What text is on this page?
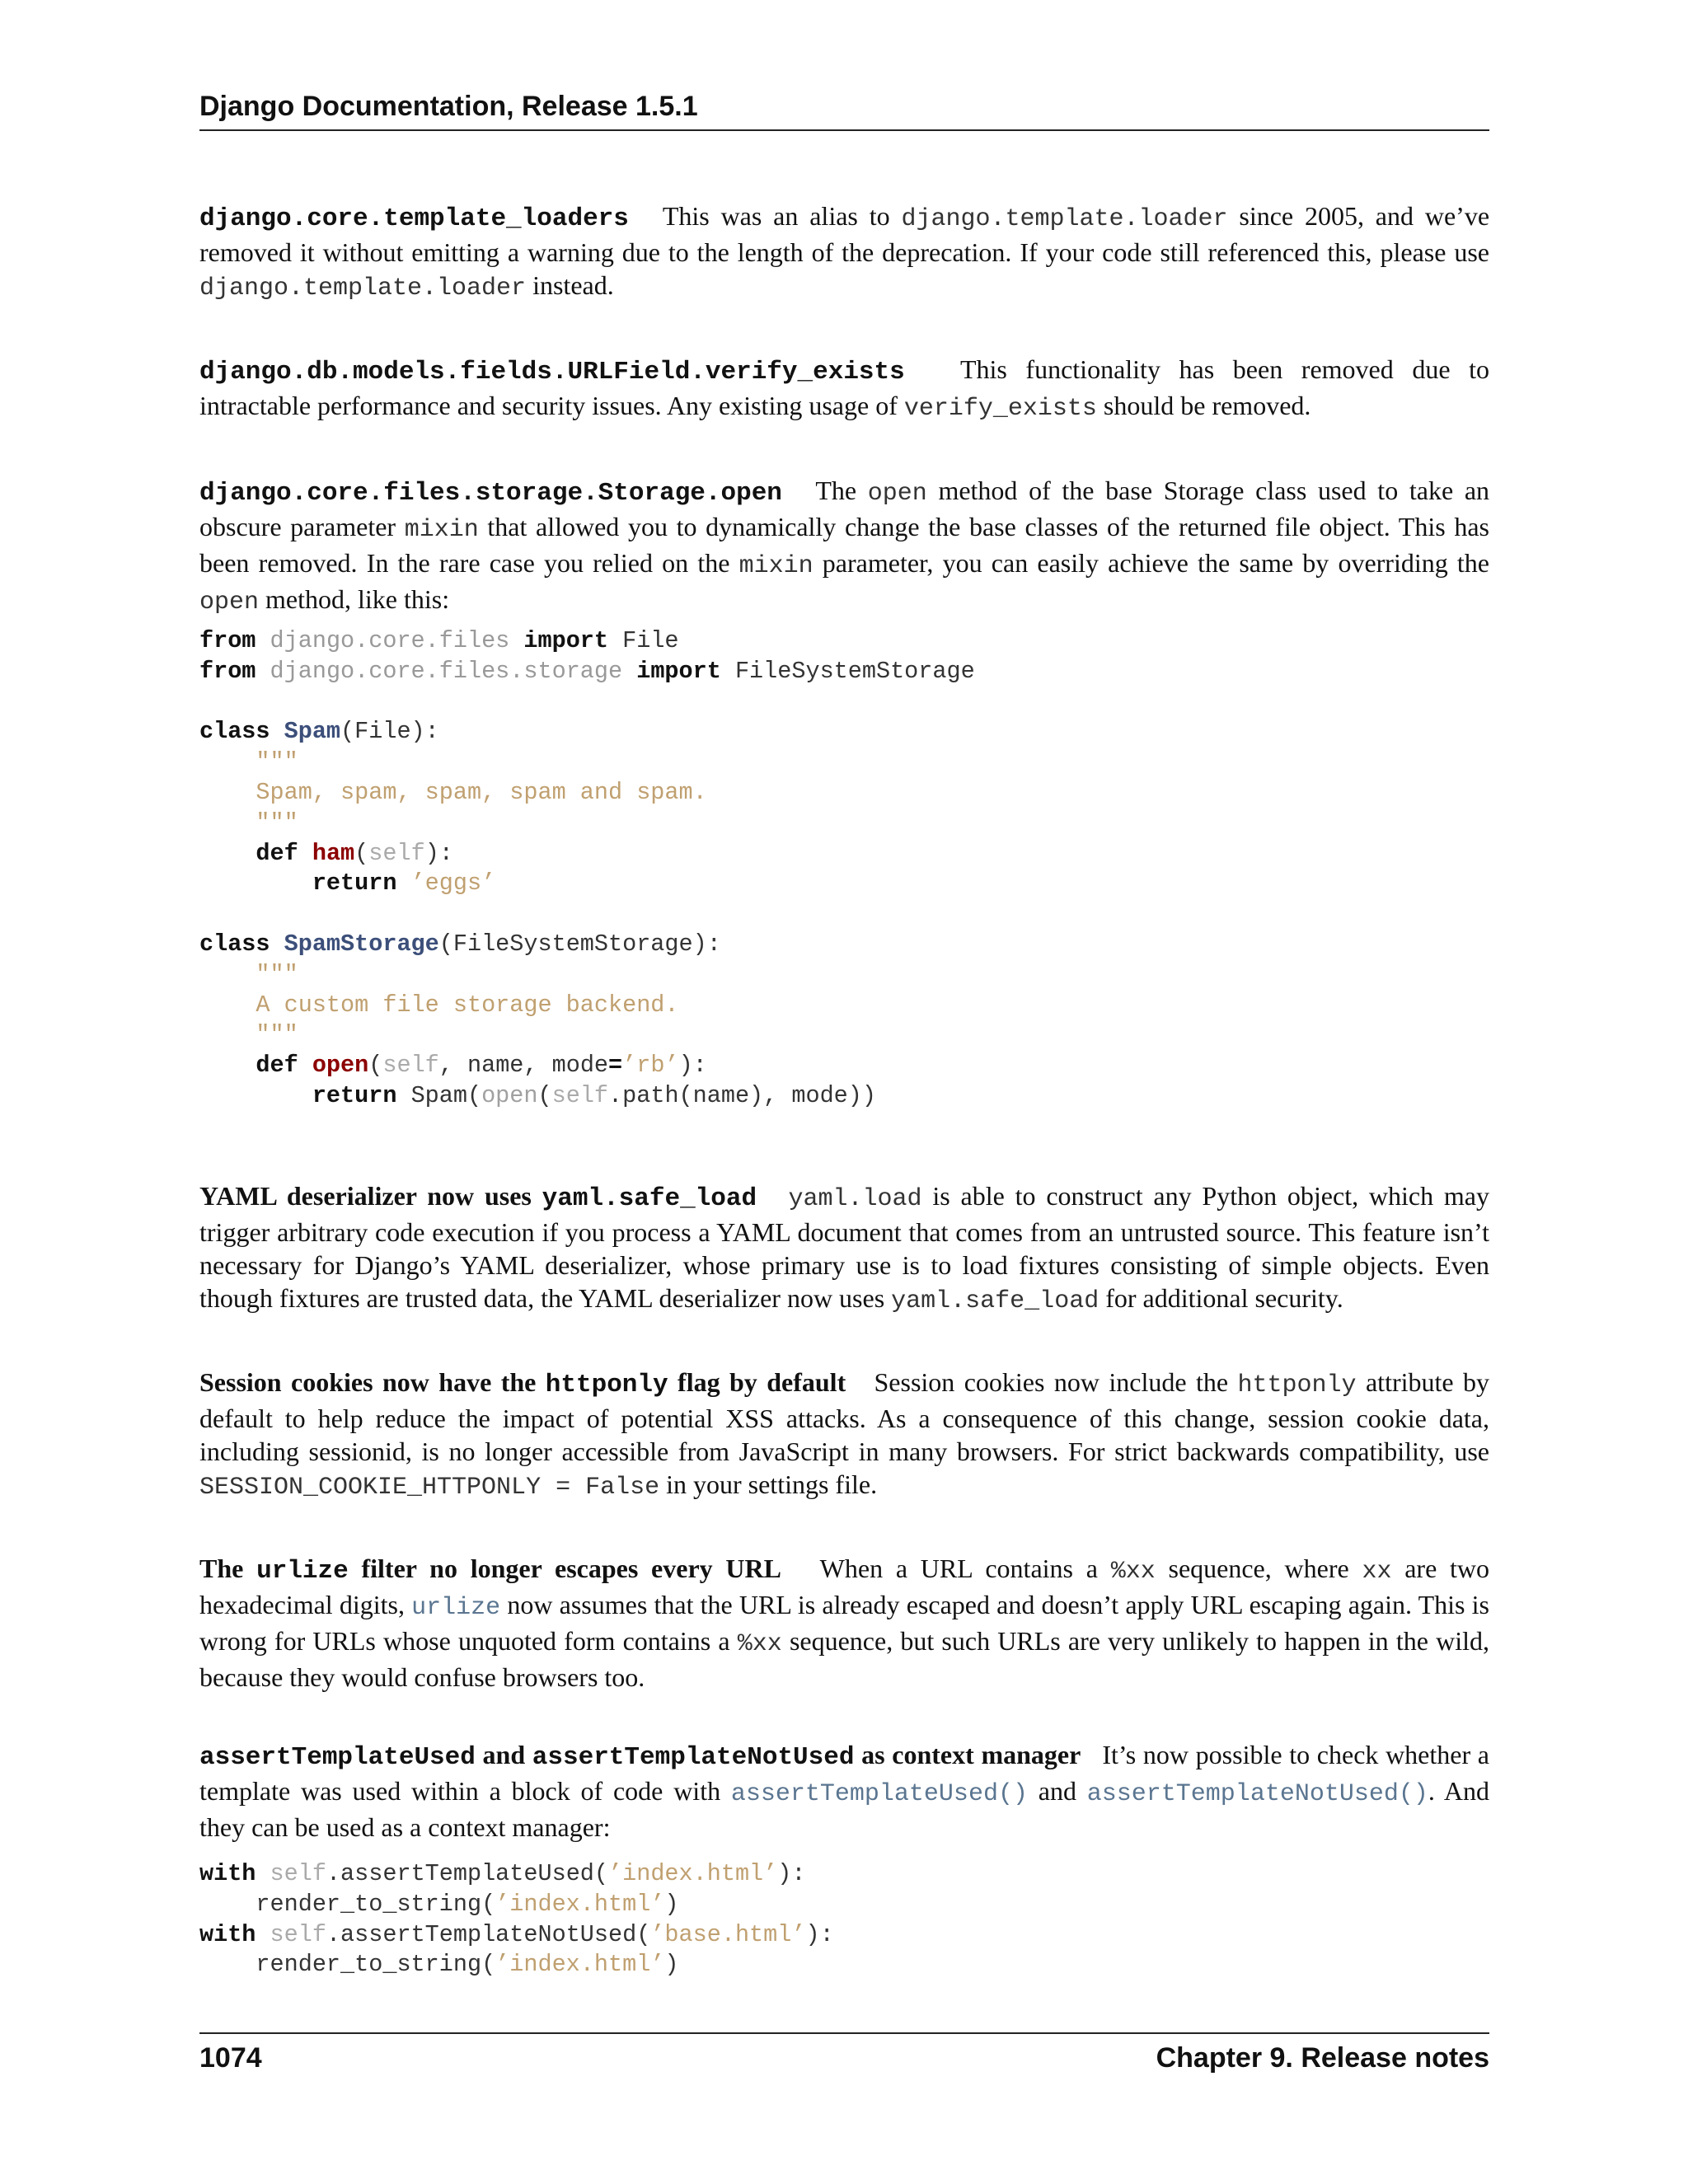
Django Documentation, Release 1.5.1
django.core.template_loaders This was an alias to django.template.loader since 2005, and we’ve removed it without emitting a warning due to the length of the deprecation. If your code still referenced this, please use django.template.loader instead.
django.db.models.fields.URLField.verify_exists This functionality has been removed due to intractable performance and security issues. Any existing usage of verify_exists should be removed.
django.core.files.storage.Storage.open The open method of the base Storage class used to take an obscure parameter mixin that allowed you to dynamically change the base classes of the returned file object. This has been removed. In the rare case you relied on the mixin parameter, you can easily achieve the same by overriding the open method, like this:
from django.core.files import File
from django.core.files.storage import FileSystemStorage

class Spam(File):
"""
Spam, spam, spam, spam and spam.
"""
def ham(self):
return ’eggs’

class SpamStorage(FileSystemStorage):
"""
A custom file storage backend.
"""
def open(self, name, mode=’rb’):
return Spam(open(self.path(name), mode))
YAML deserializer now uses yaml.safe_load yaml.load is able to construct any Python object, which may trigger arbitrary code execution if you process a YAML document that comes from an untrusted source. This feature isn’t necessary for Django’s YAML deserializer, whose primary use is to load fixtures consisting of simple objects. Even though fixtures are trusted data, the YAML deserializer now uses yaml.safe_load for additional security.
Session cookies now have the httponly flag by default Session cookies now include the httponly attribute by default to help reduce the impact of potential XSS attacks. As a consequence of this change, session cookie data, including sessionid, is no longer accessible from JavaScript in many browsers. For strict backwards compatibility, use SESSION_COOKIE_HTTPONLY = False in your settings file.
The urlize filter no longer escapes every URL When a URL contains a %xx sequence, where xx are two hexadecimal digits, urlize now assumes that the URL is already escaped and doesn’t apply URL escaping again. This is wrong for URLs whose unquoted form contains a %xx sequence, but such URLs are very unlikely to happen in the wild, because they would confuse browsers too.
assertTemplateUsed and assertTemplateNotUsed as context manager It’s now possible to check whether a template was used within a block of code with assertTemplateUsed() and assertTemplateNotUsed(). And they can be used as a context manager:
with self.assertTemplateUsed(’index.html’):
render_to_string(’index.html’)
with self.assertTemplateNotUsed(’base.html’):
render_to_string(’index.html’)
1074	Chapter 9. Release notes
